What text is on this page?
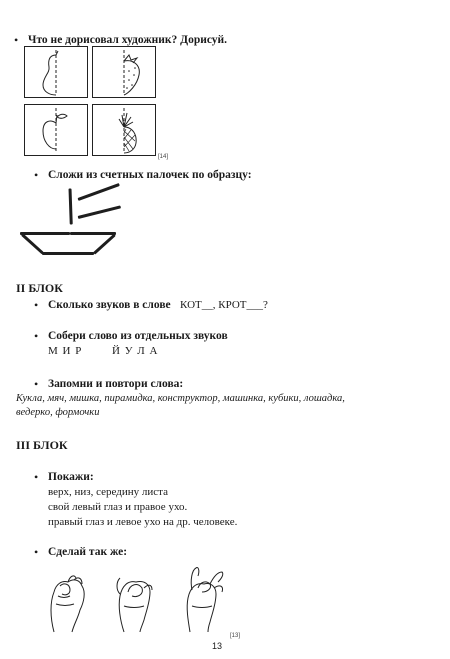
• Что не дорисовал художник? Дорисуй.
[14]
• Сложи из счетных палочек по образцу:
II БЛОК
• Сколько звуков в слове КОТ__, КРОТ___?
• Собери слово из отдельных звуков
М И Р	Й У Л А
• Запомни и повтори слова:
Кукла, мяч, мишка, пирамидка, конструктор, машинка, кубики, лошадка,
ведерко, формочки
III БЛОК
• Покажи:
верх, низ, середину листа
свой левый глаз и правое ухо.
правый глаз и левое ухо на др. человеке.
• Сделай так же:
[13]
13
